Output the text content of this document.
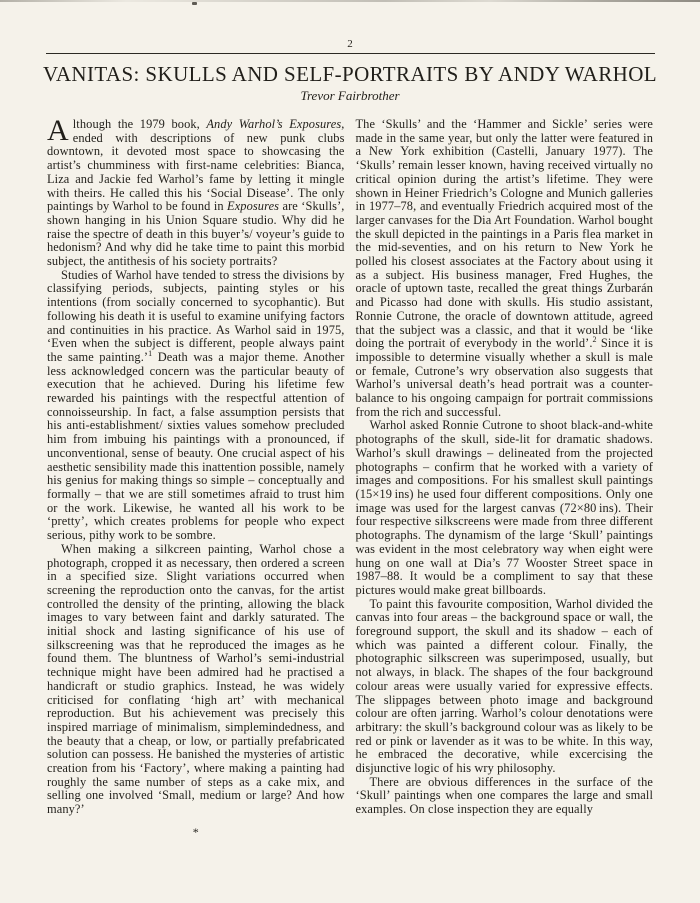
2
VANITAS: SKULLS AND SELF-PORTRAITS BY ANDY WARHOL
Trevor Fairbrother

Although the 1979 book, Andy Warhol’s Exposures, ended with descriptions of new punk clubs downtown, it devoted most space to showcasing the artist’s chumminess with first-name celebrities: Bianca, Liza and Jackie fed Warhol’s fame by letting it mingle with theirs. He called this his ‘Social Disease’. The only paintings by Warhol to be found in Exposures are ‘Skulls’, shown hanging in his Union Square studio. Why did he raise the spectre of death in this buyer’s/ voyeur’s guide to hedonism? And why did he take time to paint this morbid subject, the antithesis of his society portraits?

Studies of Warhol have tended to stress the divisions by classifying periods, subjects, painting styles or his intentions (from socially concerned to sycophantic). But following his death it is useful to examine unifying factors and continuities in his practice. As Warhol said in 1975, ‘Even when the subject is different, people always paint the same painting.’$^1$ Death was a major theme. Another less acknowledged concern was the particular beauty of execution that he achieved. During his lifetime few rewarded his paintings with the respectful attention of connoisseurship. In fact, a false assumption persists that his anti-establishment/ sixties values somehow precluded him from imbuing his paintings with a pronounced, if unconventional, sense of beauty. One crucial aspect of his aesthetic sensibility made this inattention possible, namely his genius for making things so simple – conceptually and formally – that we are still sometimes afraid to trust him or the work. Likewise, he wanted all his work to be ‘pretty’, which creates problems for people who expect serious, pithy work to be sombre.

When making a silkcreen painting, Warhol chose a photograph, cropped it as necessary, then ordered a screen in a specified size. Slight variations occurred when screening the reproduction onto the canvas, for the artist controlled the density of the printing, allowing the black images to vary between faint and darkly saturated. The initial shock and lasting significance of his use of silkscreening was that he reproduced the images as he found them. The bluntness of Warhol’s semi-industrial technique might have been admired had he practised a handicraft or studio graphics. Instead, he was widely criticised for conflating ‘high art’ with mechanical reproduction. But his achievement was precisely this inspired marriage of minimalism, simplemindedness, and the beauty that a cheap, or low, or partially prefabricated solution can possess. He banished the mysteries of artistic creation from his ‘Factory’, where making a painting had roughly the same number of steps as a cake mix, and selling one involved ‘Small, medium or large? And how many?’

*

The ‘Skulls’ and the ‘Hammer and Sickle’ series were made in the same year, but only the latter were featured in a New York exhibition (Castelli, January 1977). The ‘Skulls’ remain lesser known, having received virtually no critical opinion during the artist’s lifetime. They were shown in Heiner Friedrich’s Cologne and Munich galleries in 1977–78, and eventually Friedrich acquired most of the larger canvases for the Dia Art Foundation. Warhol bought the skull depicted in the paintings in a Paris flea market in the mid-seventies, and on his return to New York he polled his closest associates at the Factory about using it as a subject. His business manager, Fred Hughes, the oracle of uptown taste, recalled the great things Zurbarán and Picasso had done with skulls. His studio assistant, Ronnie Cutrone, the oracle of downtown attitude, agreed that the subject was a classic, and that it would be ‘like doing the portrait of everybody in the world’.$^2$ Since it is impossible to determine visually whether a skull is male or female, Cutrone’s wry observation also suggests that Warhol’s universal death’s head portrait was a counter-balance to his ongoing campaign for portrait commissions from the rich and successful.

Warhol asked Ronnie Cutrone to shoot black-and-white photographs of the skull, side-lit for dramatic shadows. Warhol’s skull drawings – delineated from the projected photographs – confirm that he worked with a variety of images and compositions. For his smallest skull paintings (15×19 ins) he used four different compositions. Only one image was used for the largest canvas (72×80 ins). Their four respective silkscreens were made from three different photographs. The dynamism of the large ‘Skull’ paintings was evident in the most celebratory way when eight were hung on one wall at Dia’s 77 Wooster Street space in 1987–88. It would be a compliment to say that these pictures would make great billboards.

To paint this favourite composition, Warhol divided the canvas into four areas – the background space or wall, the foreground support, the skull and its shadow – each of which was painted a different colour. Finally, the photographic silkscreen was superimposed, usually, but not always, in black. The shapes of the four background colour areas were usually varied for expressive effects. The slippages between photo image and background colour are often jarring. Warhol’s colour denotations were arbitrary: the skull’s background colour was as likely to be red or pink or lavender as it was to be white. In this way, he embraced the decorative, while excercising the disjunctive logic of his wry philosophy.

There are obvious differences in the surface of the ‘Skull’ paintings when one compares the large and small examples. On close inspection they are equally
